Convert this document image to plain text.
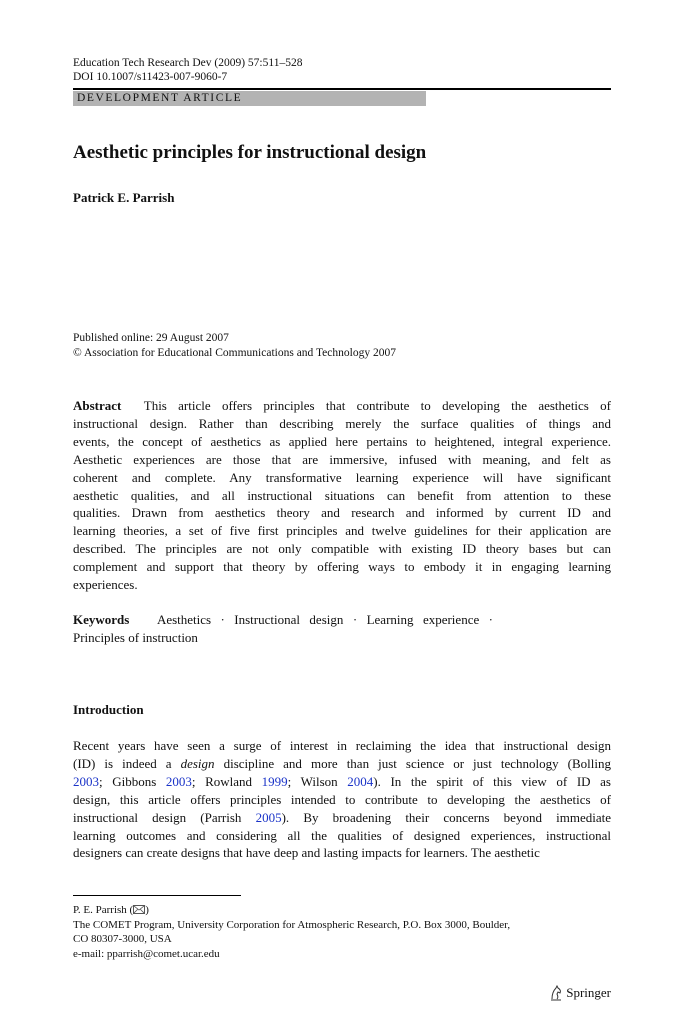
Education Tech Research Dev (2009) 57:511–528
DOI 10.1007/s11423-007-9060-7
DEVELOPMENT ARTICLE
Aesthetic principles for instructional design
Patrick E. Parrish
Published online: 29 August 2007
© Association for Educational Communications and Technology 2007
Abstract  This article offers principles that contribute to developing the aesthetics of
instructional design. Rather than describing merely the surface qualities of things and
events, the concept of aesthetics as applied here pertains to heightened, integral experience.
Aesthetic experiences are those that are immersive, infused with meaning, and felt as
coherent and complete. Any transformative learning experience will have significant
aesthetic qualities, and all instructional situations can benefit from attention to these
qualities. Drawn from aesthetics theory and research and informed by current ID and
learning theories, a set of five first principles and twelve guidelines for their application are
described. The principles are not only compatible with existing ID theory bases but can
complement and support that theory by offering ways to embody it in engaging learning
experiences.
Keywords   Aesthetics · Instructional design · Learning experience ·
Principles of instruction
Introduction
Recent years have seen a surge of interest in reclaiming the idea that instructional design
(ID) is indeed a design discipline and more than just science or just technology (Bolling
2003; Gibbons 2003; Rowland 1999; Wilson 2004). In the spirit of this view of ID as
design, this article offers principles intended to contribute to developing the aesthetics of
instructional design (Parrish 2005). By broadening their concerns beyond immediate
learning outcomes and considering all the qualities of designed experiences, instructional
designers can create designs that have deep and lasting impacts for learners. The aesthetic
P. E. Parrish ( )
The COMET Program, University Corporation for Atmospheric Research, P.O. Box 3000, Boulder,
CO 80307-3000, USA
e-mail: pparrish@comet.ucar.edu
Springer
